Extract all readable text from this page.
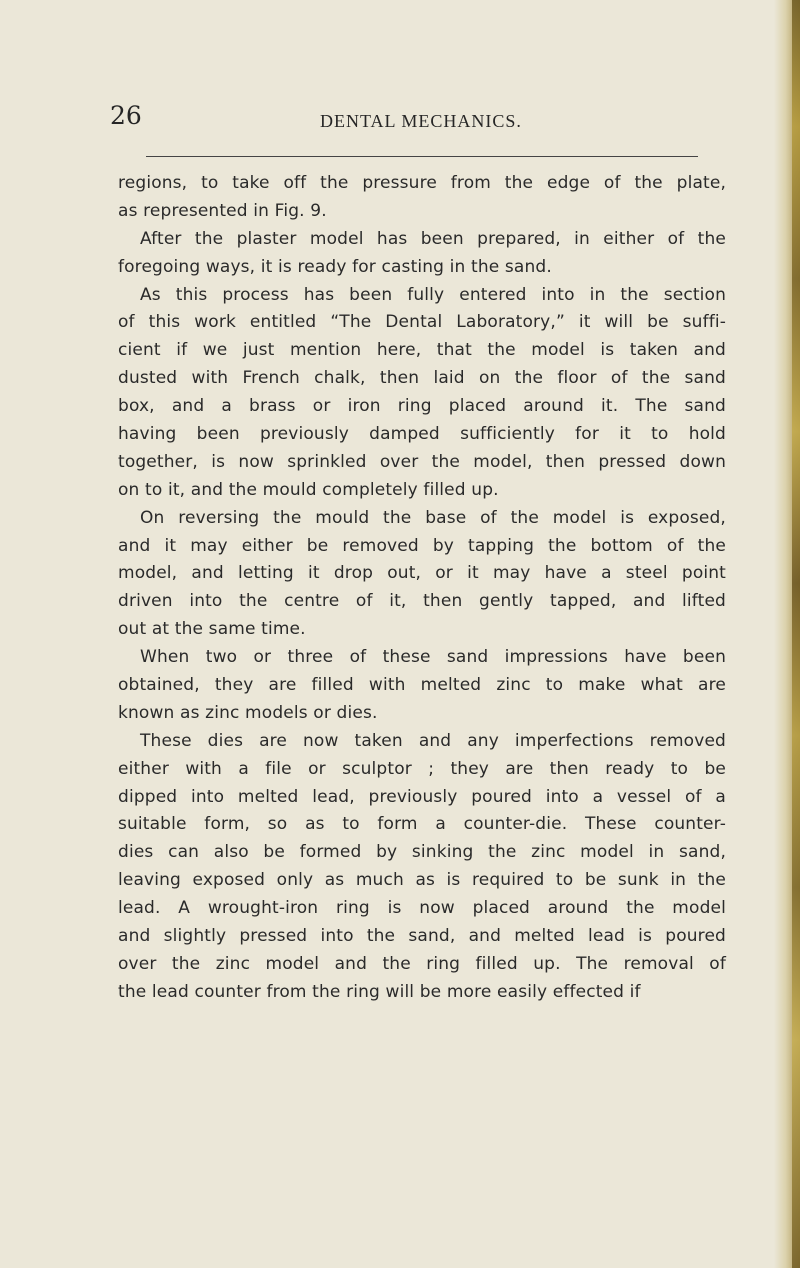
26	DENTAL MECHANICS.
regions, to take off the pressure from the edge of the plate,
as represented in Fig. 9.
After the plaster model has been prepared, in either of the
foregoing ways, it is ready for casting in the sand.
As this process has been fully entered into in the section
of this work entitled “The Dental Laboratory,” it will be suffi-
cient if we just mention here, that the model is taken and
dusted with French chalk, then laid on the floor of the sand
box, and a brass or iron ring placed around it. The sand
having been previously damped sufficiently for it to hold
together, is now sprinkled over the model, then pressed down
on to it, and the mould completely filled up.
On reversing the mould the base of the model is exposed,
and it may either be removed by tapping the bottom of the
model, and letting it drop out, or it may have a steel point
driven into the centre of it, then gently tapped, and lifted
out at the same time.
When two or three of these sand impressions have been
obtained, they are filled with melted zinc to make what are
known as zinc models or dies.
These dies are now taken and any imperfections removed
either with a file or sculptor ; they are then ready to be
dipped into melted lead, previously poured into a vessel of a
suitable form, so as to form a counter-die. These counter-
dies can also be formed by sinking the zinc model in sand,
leaving exposed only as much as is required to be sunk in the
lead. A wrought-iron ring is now placed around the model
and slightly pressed into the sand, and melted lead is poured
over the zinc model and the ring filled up. The removal of
the lead counter from the ring will be more easily effected if
